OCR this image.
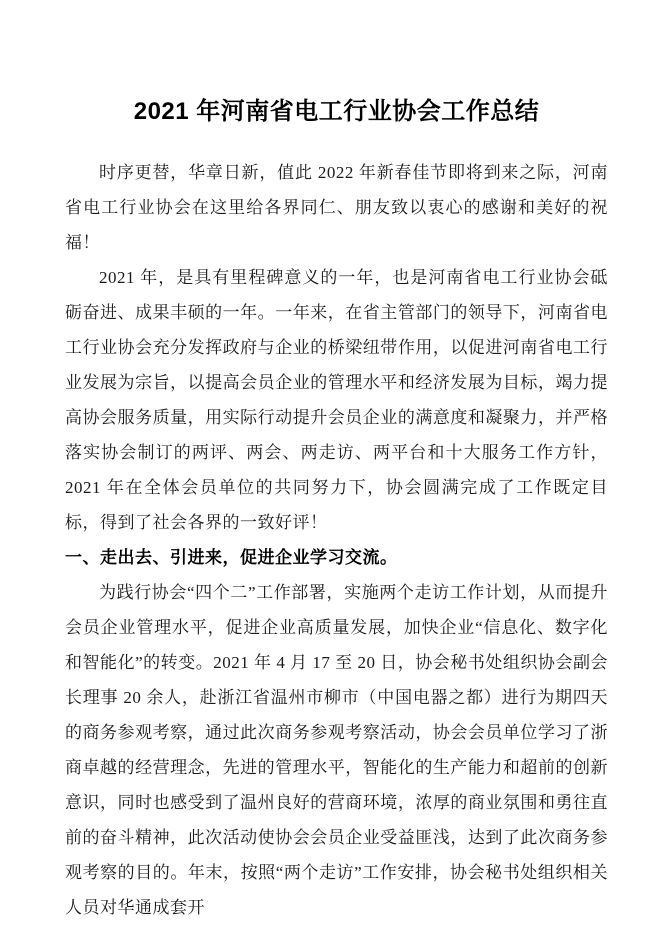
2021 年河南省电工行业协会工作总结

时序更替，华章日新，值此 2022 年新春佳节即将到来之际，河南省电工行业协会在这里给各界同仁、朋友致以衷心的感谢和美好的祝福！

2021 年，是具有里程碑意义的一年，也是河南省电工行业协会砥砺奋进、成果丰硕的一年。一年来，在省主管部门的领导下，河南省电工行业协会充分发挥政府与企业的桥梁纽带作用，以促进河南省电工行业发展为宗旨，以提高会员企业的管理水平和经济发展为目标，竭力提高协会服务质量，用实际行动提升会员企业的满意度和凝聚力，并严格落实协会制订的两评、两会、两走访、两平台和十大服务工作方针，2021 年在全体会员单位的共同努力下，协会圆满完成了工作既定目标，得到了社会各界的一致好评！

一、走出去、引进来，促进企业学习交流。

为践行协会“四个二”工作部署，实施两个走访工作计划，从而提升会员企业管理水平，促进企业高质量发展，加快企业“信息化、数字化和智能化”的转变。2021 年 4 月 17 至 20 日，协会秘书处组织协会副会长理事 20 余人，赴浙江省温州市柳市（中国电器之都）进行为期四天的商务参观考察，通过此次商务参观考察活动，协会会员单位学习了浙商卓越的经营理念，先进的管理水平，智能化的生产能力和超前的创新意识，同时也感受到了温州良好的营商环境，浓厚的商业氛围和勇往直前的奋斗精神，此次活动使协会会员企业受益匪浅，达到了此次商务参观考察的目的。年末，按照“两个走访”工作安排，协会秘书处组织相关人员对华通成套开
